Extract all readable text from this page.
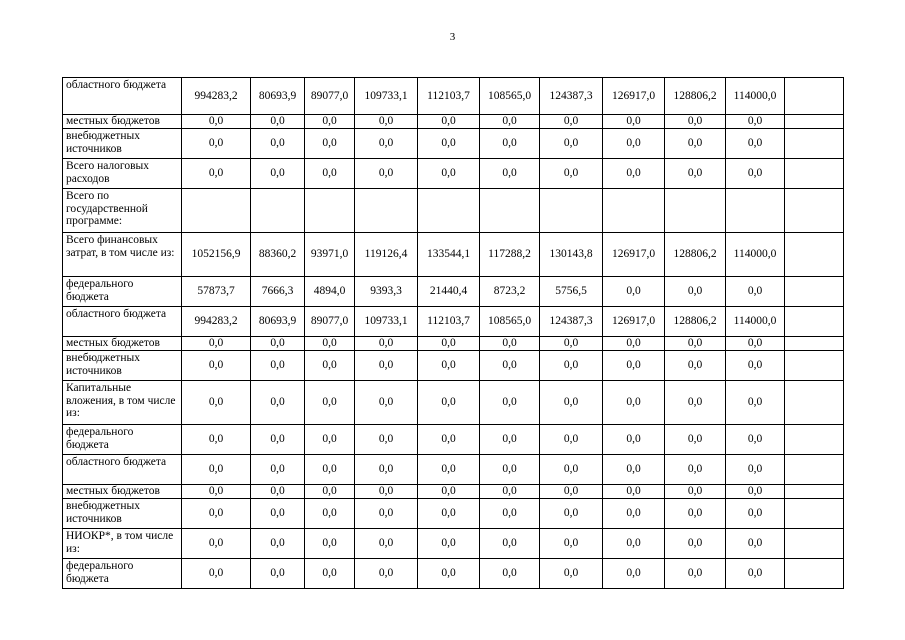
3
областного бюджета	994283,2	80693,9	89077,0	109733,1	112103,7	108565,0	124387,3	126917,0	128806,2	114000,0	
местных бюджетов	0,0	0,0	0,0	0,0	0,0	0,0	0,0	0,0	0,0	0,0	
внебюджетных источников	0,0	0,0	0,0	0,0	0,0	0,0	0,0	0,0	0,0	0,0	
Всего налоговых расходов	0,0	0,0	0,0	0,0	0,0	0,0	0,0	0,0	0,0	0,0	
Всего по государственной программе:											
Всего финансовых затрат, в том числе из:	1052156,9	88360,2	93971,0	119126,4	133544,1	117288,2	130143,8	126917,0	128806,2	114000,0	
федерального бюджета	57873,7	7666,3	4894,0	9393,3	21440,4	8723,2	5756,5	0,0	0,0	0,0	
областного бюджета	994283,2	80693,9	89077,0	109733,1	112103,7	108565,0	124387,3	126917,0	128806,2	114000,0	
местных бюджетов	0,0	0,0	0,0	0,0	0,0	0,0	0,0	0,0	0,0	0,0	
внебюджетных источников	0,0	0,0	0,0	0,0	0,0	0,0	0,0	0,0	0,0	0,0	
Капитальные вложения, в том числе из:	0,0	0,0	0,0	0,0	0,0	0,0	0,0	0,0	0,0	0,0	
федерального бюджета	0,0	0,0	0,0	0,0	0,0	0,0	0,0	0,0	0,0	0,0	
областного бюджета	0,0	0,0	0,0	0,0	0,0	0,0	0,0	0,0	0,0	0,0	
местных бюджетов	0,0	0,0	0,0	0,0	0,0	0,0	0,0	0,0	0,0	0,0	
внебюджетных источников	0,0	0,0	0,0	0,0	0,0	0,0	0,0	0,0	0,0	0,0	
НИОКР*, в том числе из:	0,0	0,0	0,0	0,0	0,0	0,0	0,0	0,0	0,0	0,0	
федерального бюджета	0,0	0,0	0,0	0,0	0,0	0,0	0,0	0,0	0,0	0,0	
